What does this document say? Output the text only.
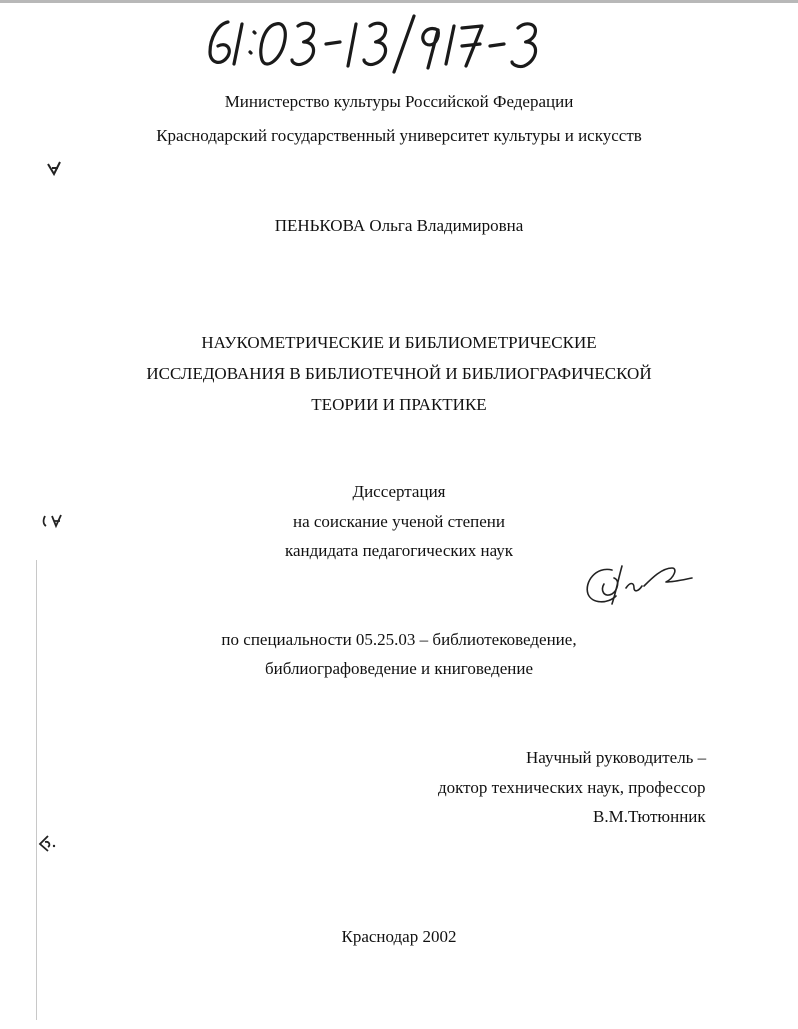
Министерство культуры Российской Федерации
Краснодарский государственный университет культуры и искусств
ПЕНЬКОВА Ольга Владимировна
НАУКОМЕТРИЧЕСКИЕ И БИБЛИОМЕТРИЧЕСКИЕ
ИССЛЕДОВАНИЯ В БИБЛИОТЕЧНОЙ И БИБЛИОГРАФИЧЕСКОЙ
ТЕОРИИ И ПРАКТИКЕ
Диссертация
на соискание ученой степени
кандидата педагогических наук
по специальности 05.25.03 – библиотековедение,
библиографоведение и книговедение
Научный руководитель –
доктор технических наук, профессор
В.М.Тютюнник
Краснодар 2002
